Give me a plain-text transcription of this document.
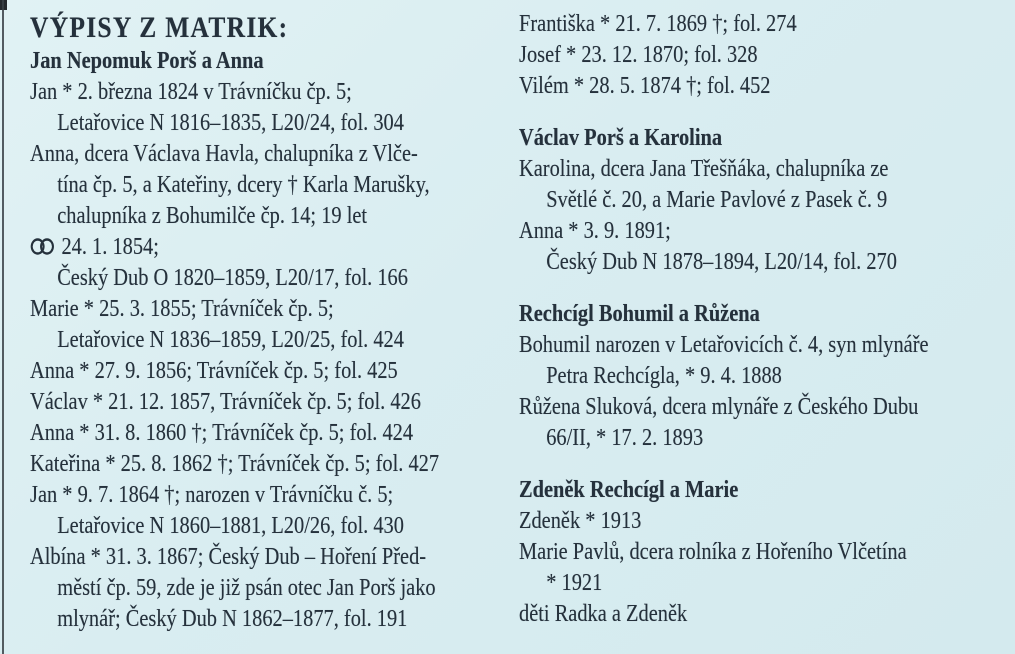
VÝPISY Z MATRIK:
Jan Nepomuk Porš a Anna
Jan * 2. března 1824 v Trávníčku čp. 5;
Letařovice N 1816–1835, L20/24, fol. 304
Anna, dcera Václava Havla, chalupníka z Vlče-
tína čp. 5, a Kateřiny, dcery † Karla Marušky,
chalupníka z Bohumilče čp. 14; 19 let
24. 1. 1854;
Český Dub O 1820–1859, L20/17, fol. 166
Marie * 25. 3. 1855; Trávníček čp. 5;
Letařovice N 1836–1859, L20/25, fol. 424
Anna * 27. 9. 1856; Trávníček čp. 5; fol. 425
Václav * 21. 12. 1857, Trávníček čp. 5; fol. 426
Anna * 31. 8. 1860 †; Trávníček čp. 5; fol. 424
Kateřina * 25. 8. 1862 †; Trávníček čp. 5; fol. 427
Jan * 9. 7. 1864 †; narozen v Trávníčku č. 5;
Letařovice N 1860–1881, L20/26, fol. 430
Albína * 31. 3. 1867; Český Dub – Hoření Před-
městí čp. 59, zde je již psán otec Jan Porš jako
mlynář; Český Dub N 1862–1877, fol. 191
Františka * 21. 7. 1869 †; fol. 274
Josef * 23. 12. 1870; fol. 328
Vilém * 28. 5. 1874 †; fol. 452
Václav Porš a Karolina
Karolina, dcera Jana Třešňáka, chalupníka ze
Světlé č. 20, a Marie Pavlové z Pasek č. 9
Anna * 3. 9. 1891;
Český Dub N 1878–1894, L20/14, fol. 270
Rechcígl Bohumil a Růžena
Bohumil narozen v Letařovicích č. 4, syn mlynáře
Petra Rechcígla, * 9. 4. 1888
Růžena Sluková, dcera mlynáře z Českého Dubu
66/II, * 17. 2. 1893
Zdeněk Rechcígl a Marie
Zdeněk * 1913
Marie Pavlů, dcera rolníka z Hořeního Vlčetína
* 1921
děti Radka a Zdeněk
